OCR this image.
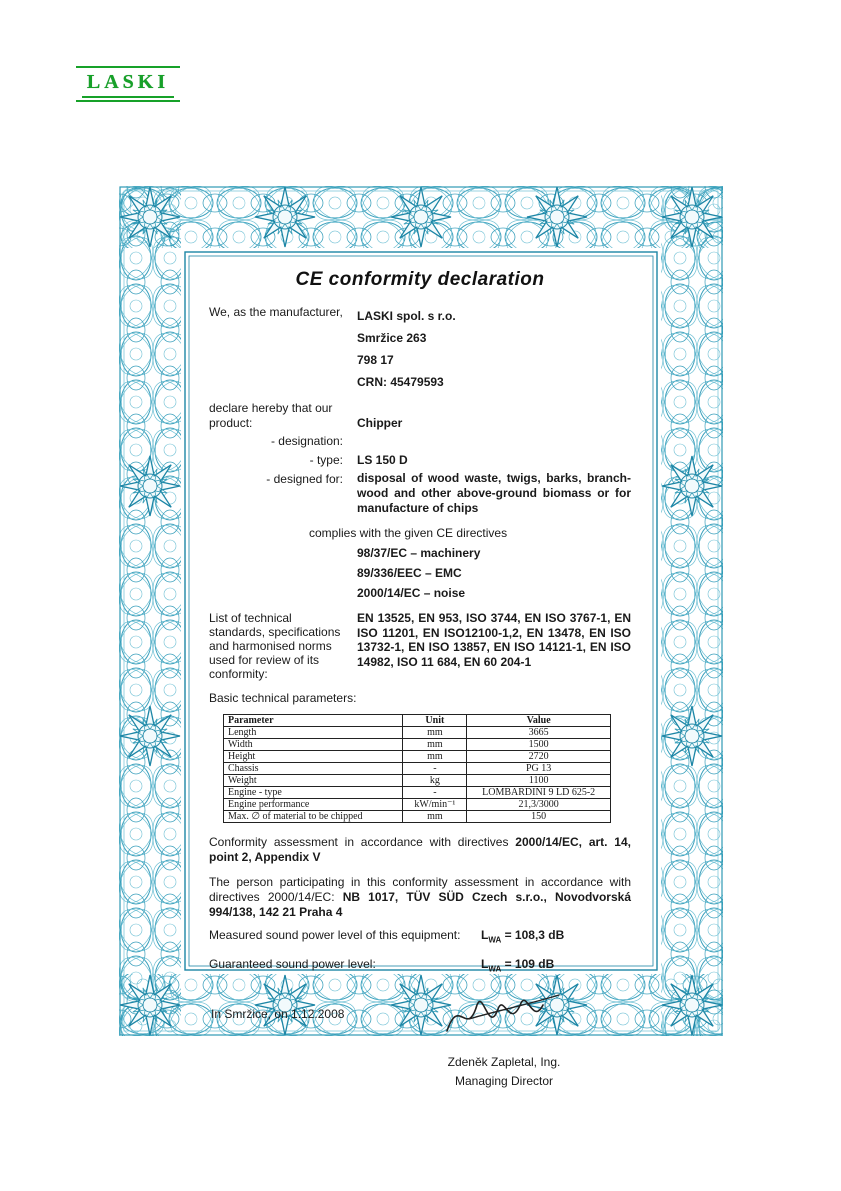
LASKI
CE conformity declaration
We, as the manufacturer,	LASKI spol. s r.o.
Smržice 263
798 17
CRN: 45479593
declare hereby that our product:	Chipper
- designation:
- type:	LS 150 D
- designed for:	disposal of wood waste, twigs, barks, branch-wood and other above-ground biomass or for manufacture of chips
complies with the given CE directives
98/37/EC – machinery
89/336/EEC – EMC
2000/14/EC – noise
List of technical standards, specifications and harmonised norms used for review of its conformity:
EN 13525, EN 953, ISO 3744, EN ISO 3767-1, EN ISO 11201, EN ISO12100-1,2, EN 13478, EN ISO 13732-1, EN ISO 13857, EN ISO 14121-1, EN ISO 14982, ISO 11 684, EN 60 204-1
Basic technical parameters:
Parameter	Unit	Value
Length	mm	3665
Width	mm	1500
Height	mm	2720
Chassis	-	PG 13
Weight	kg	1100
Engine - type	-	LOMBARDINI 9 LD 625-2
Engine performance	kW/min⁻¹	21,3/3000
Max. ∅ of material to be chipped	mm	150

Conformity assessment in accordance with directives 2000/14/EC, art. 14, point 2, Appendix V

The person participating in this conformity assessment in accordance with directives 2000/14/EC: NB 1017, TÜV SÜD Czech s.r.o., Novodvorská 994/138, 142 21 Praha 4

Measured sound power level of this equipment:	$L_{WA} = 108,3$ dB
Guaranteed sound power level:	$L_{WA} = 109$ dB
In Smržice, on 1.12.2008
Zdeněk Zapletal, Ing.
Managing Director
